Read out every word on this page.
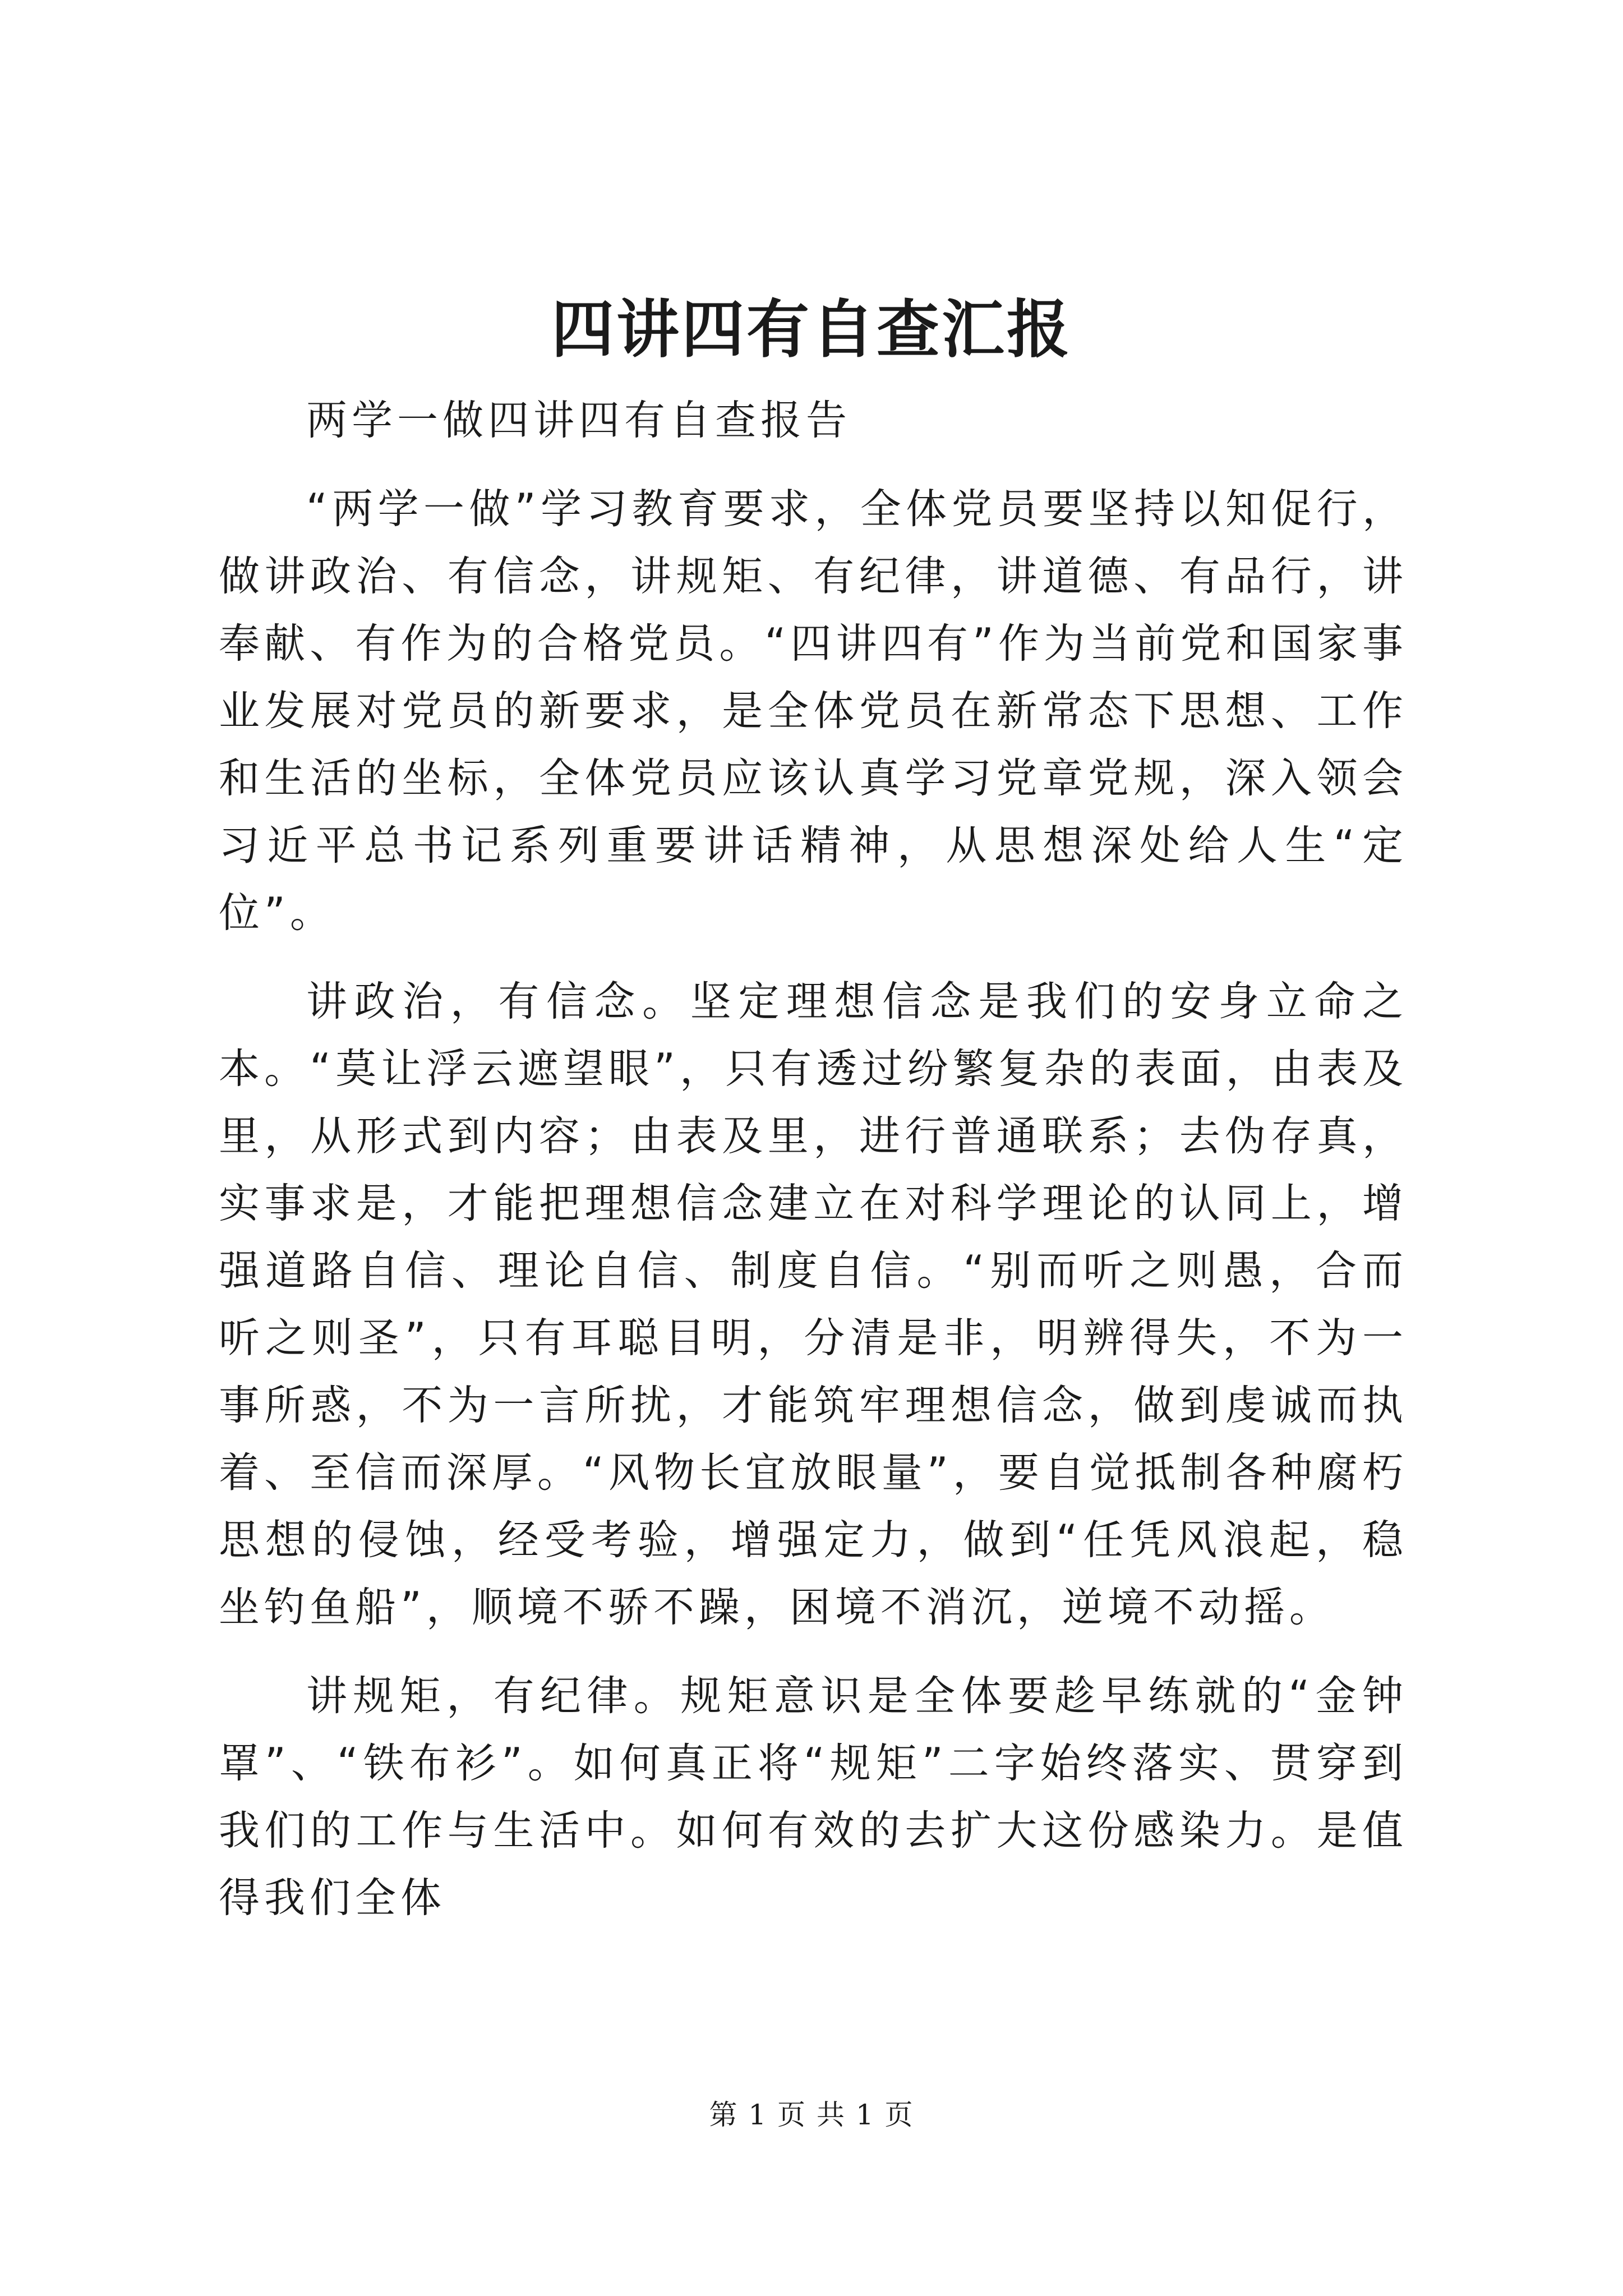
四讲四有自查汇报

两学一做四讲四有自查报告

“两学一做”学习教育要求，全体党员要坚持以知促行，做讲政治、有信念，讲规矩、有纪律，讲道德、有品行，讲奉献、有作为的合格党员。“四讲四有”作为当前党和国家事业发展对党员的新要求，是全体党员在新常态下思想、工作和生活的坐标，全体党员应该认真学习党章党规，深入领会习近平总书记系列重要讲话精神，从思想深处给人生“定位”。

讲政治，有信念。坚定理想信念是我们的安身立命之本。“莫让浮云遮望眼”，只有透过纷繁复杂的表面，由表及里，从形式到内容；由表及里，进行普通联系；去伪存真，实事求是，才能把理想信念建立在对科学理论的认同上，增强道路自信、理论自信、制度自信。“别而听之则愚，合而听之则圣”，只有耳聪目明，分清是非，明辨得失，不为一事所惑，不为一言所扰，才能筑牢理想信念，做到虔诚而执着、至信而深厚。“风物长宜放眼量”，要自觉抵制各种腐朽思想的侵蚀，经受考验，增强定力，做到“任凭风浪起，稳坐钓鱼船”，顺境不骄不躁，困境不消沉，逆境不动摇。

讲规矩，有纪律。规矩意识是全体要趁早练就的“金钟罩”、“铁布衫”。如何真正将“规矩”二字始终落实、贯穿到我们的工作与生活中。如何有效的去扩大这份感染力。是值得我们全体

第 1 页 共 1 页
